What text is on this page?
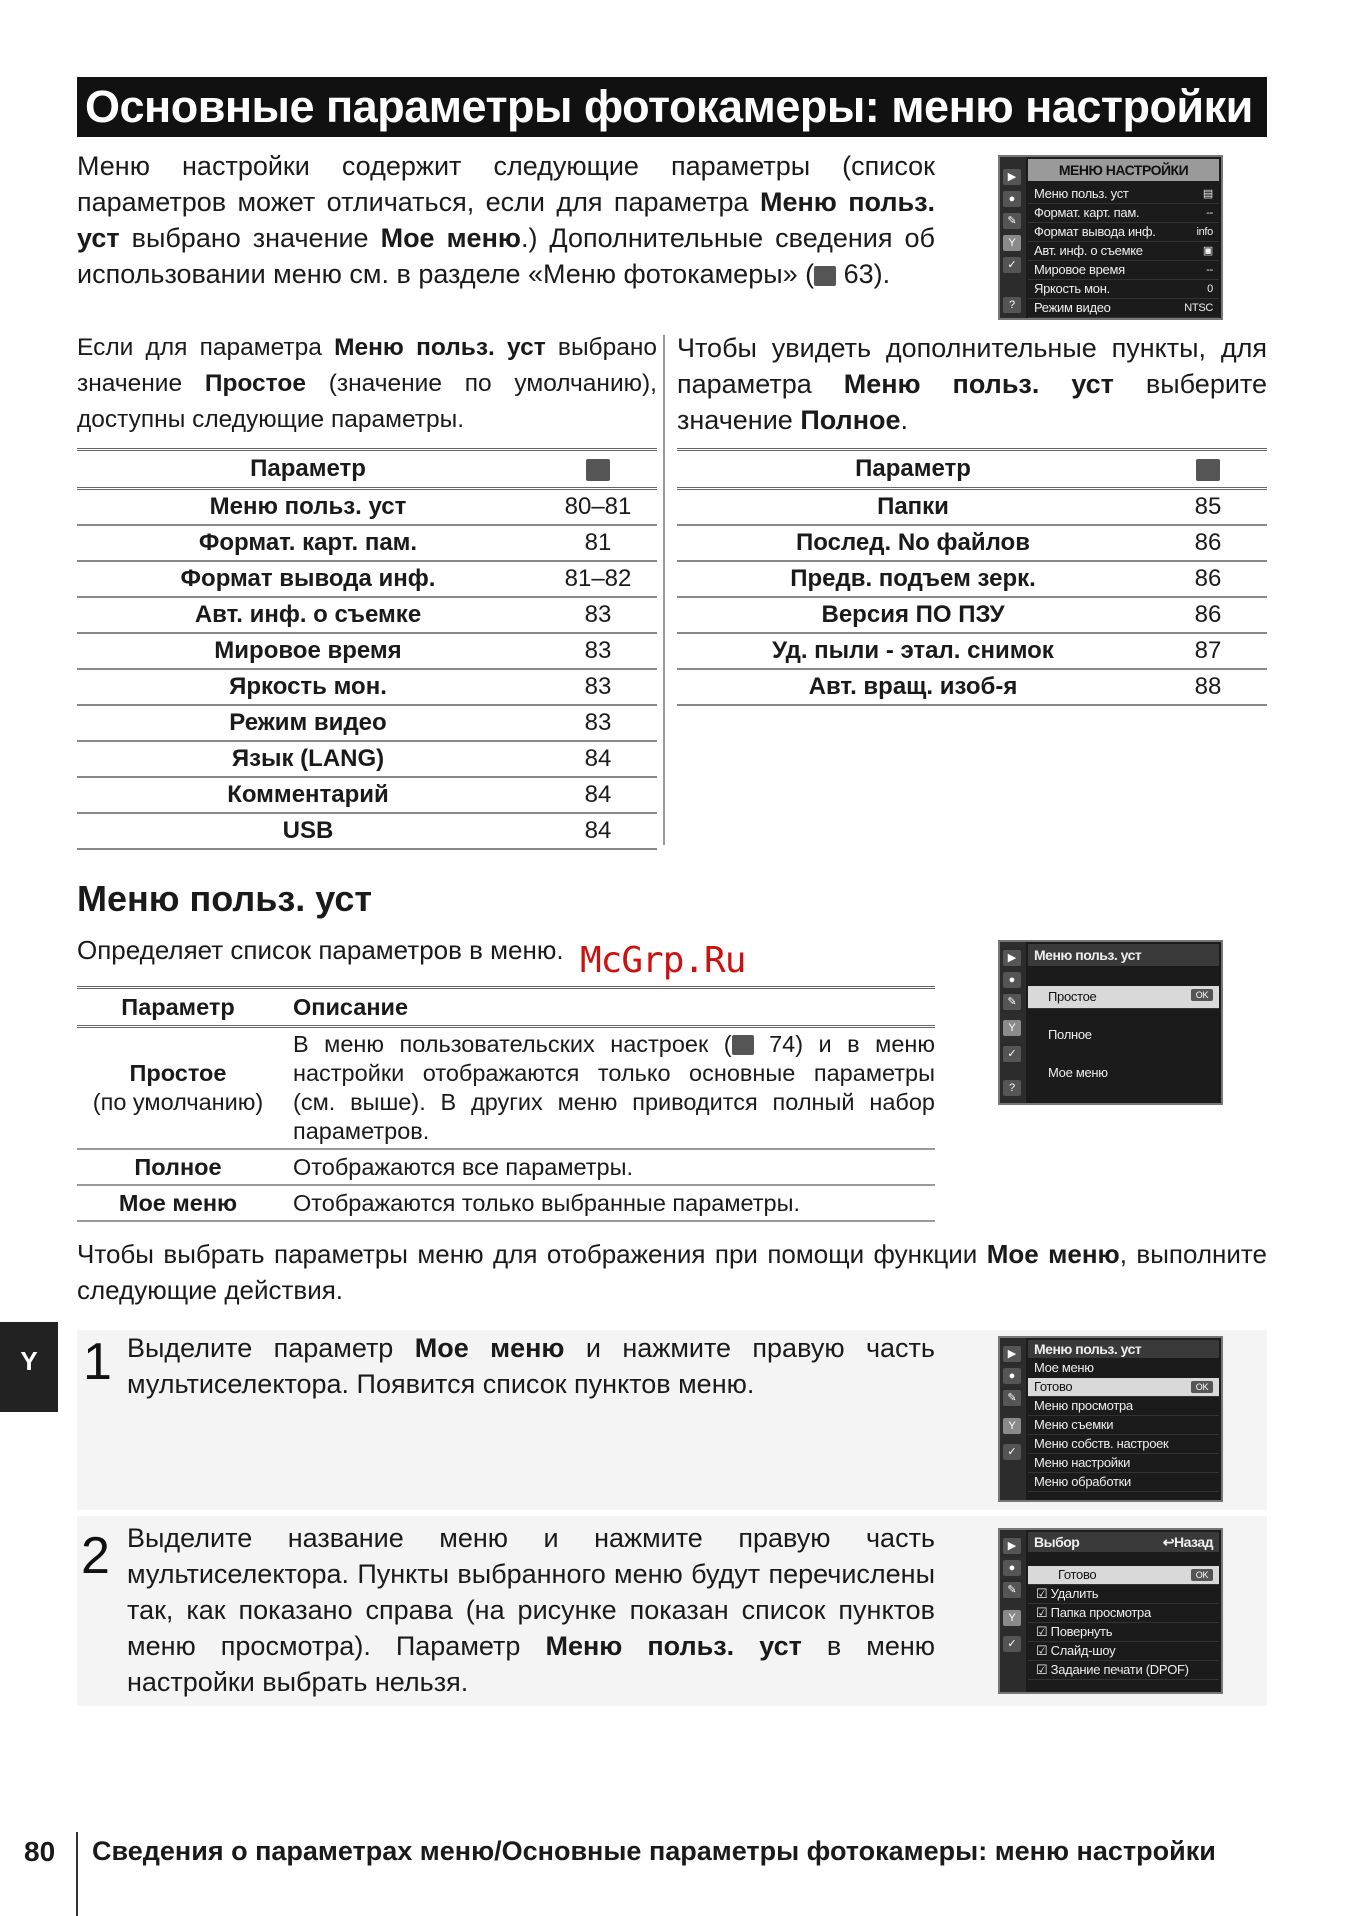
Основные параметры фотокамеры: меню настройки
Меню настройки содержит следующие параметры (список параметров может отличаться, если для параметра Меню польз. уст выбрано значение Мое меню.) Дополнительные сведения об использовании меню см. в разделе «Меню фотокамеры» ( 63).
▶
●
✎
Y
✓
?
МЕНЮ НАСТРОЙКИ
Меню польз. уст	▤
Формат. карт. пам.	--
Формат вывода инф.	info
Авт. инф. о съемке	▣
Мировое время	--
Яркость мон.	0
Режим видео	NTSC
Если для параметра Меню польз. уст выбрано значение Простое (значение по умолчанию), доступны следующие параметры.
Чтобы увидеть дополнительные пункты, для параметра Меню польз. уст выберите значение Полное.
Параметр	
Меню польз. уст	80–81
Формат. карт. пам.	81
Формат вывода инф.	81–82
Авт. инф. о съемке	83
Мировое время	83
Яркость мон.	83
Режим видео	83
Язык (LANG)	84
Комментарий	84
USB	84
Параметр	
Папки	85
Послед. No файлов	86
Предв. подъем зерк.	86
Версия ПО ПЗУ	86
Уд. пыли - этал. снимок	87
Авт. вращ. изоб-я	88
Меню польз. уст
Определяет список параметров в меню. McGrp.Ru	▶
●
✎
Y
✓
?
Меню польз. уст
Простое	OK
Полное
Мое меню
Параметр	Описание

Простое
(по умолчанию)	В меню пользовательских настроек ( 74) и в меню настройки отображаются только основные параметры (см. выше). В других меню приводится полный набор параметров.
Полное	Отображаются все параметры.
Мое меню	Отображаются только выбранные параметры.
Чтобы выбрать параметры меню для отображения при помощи функции Мое меню, выполните следующие действия.
Y 1 Выделите параметр Мое меню и нажмите правую часть мультиселектора. Появится список пунктов меню.
▶
●
✎
Y
✓
Меню польз. уст
Мое меню
Готово	OK
Меню просмотра
Меню съемки
Меню собств. настроек
Меню настройки
Меню обработки
2 Выделите название меню и нажмите правую часть мультиселектора. Пункты выбранного меню будут перечислены так, как показано справа (на рисунке показан список пунктов меню просмотра). Параметр Меню польз. уст в меню настройки выбрать нельзя.
▶
●
✎
Y
✓
Выбор	↩Назад
Готово	OK
☑ Удалить
☑ Папка просмотра
☑ Повернуть
☑ Слайд-шоу
☑ Задание печати (DPOF)
80 Сведения о параметрах меню/Основные параметры фотокамеры: меню настройки
